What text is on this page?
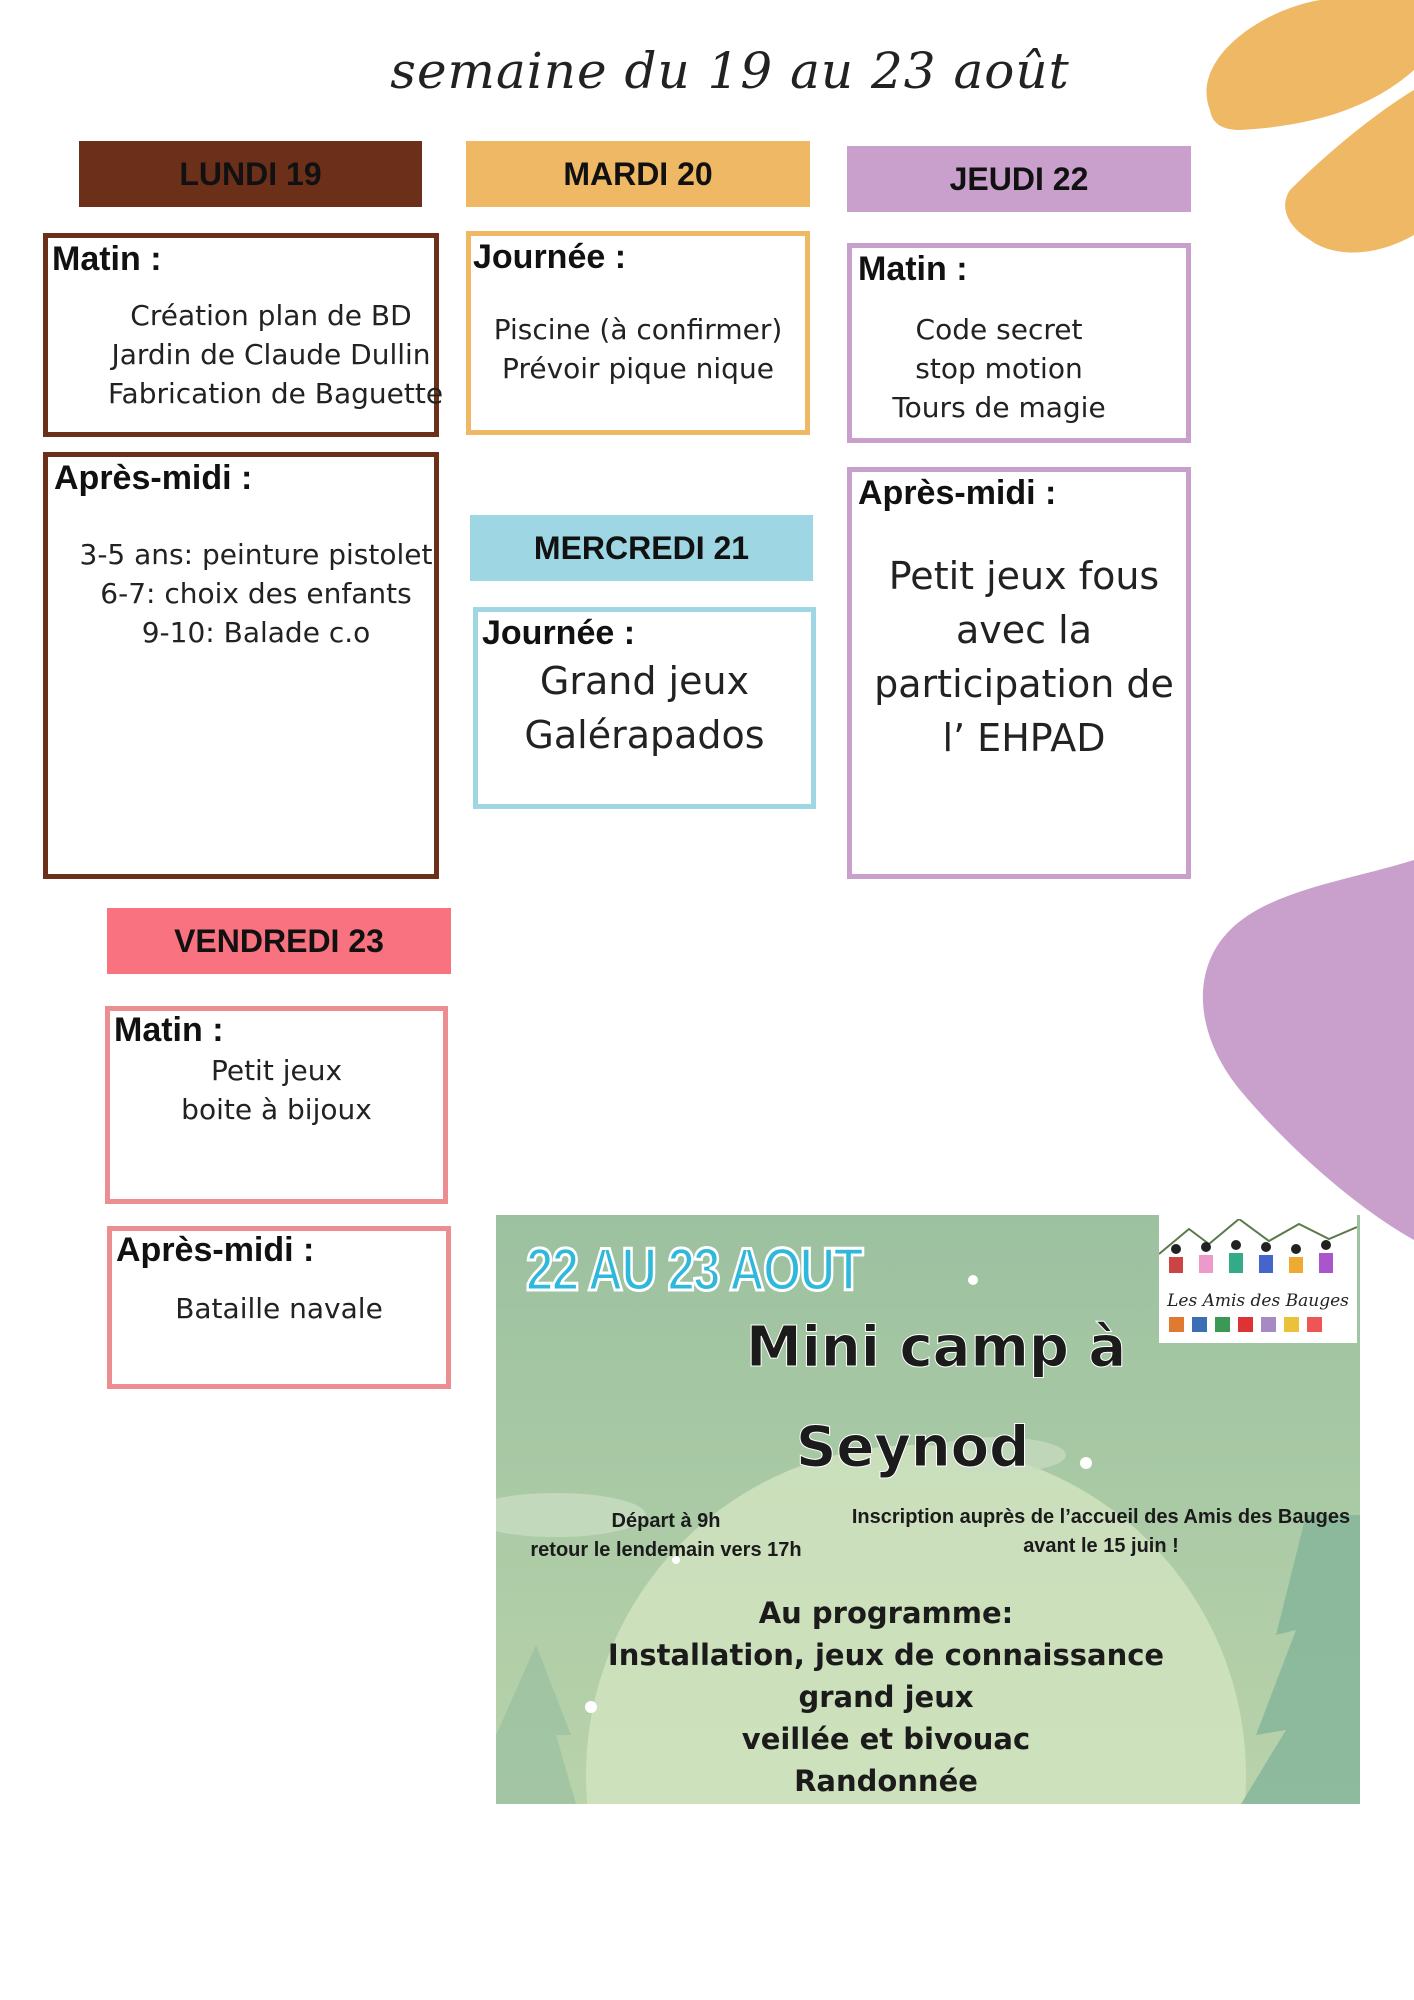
semaine du 19 au 23 août
LUNDI 19
Matin :
Création plan de BD
Jardin de Claude Dullin
Fabrication de Baguette
Après-midi :
3-5 ans: peinture pistolet
6-7: choix des enfants
9-10: Balade c.o
MARDI 20
Journée :
Piscine (à confirmer)
Prévoir pique nique
MERCREDI 21
Journée :
Grand jeux
Galérapados
JEUDI 22
Matin :
Code secret
stop motion
Tours de magie
Après-midi :
Petit jeux fous
avec la
participation de
l’ EHPAD
VENDREDI 23
Matin :
Petit jeux
boite à bijoux
Après-midi :
Bataille navale
22 AU 23 AOUT
Mini camp à
Seynod
Départ à 9h
retour le lendemain vers 17h
Inscription auprès de l’accueil des Amis des Bauges
avant le 15 juin !
Au programme:
Installation, jeux de connaissance
grand jeux
veillée et bivouac
Randonnée
Les Amis des Bauges
